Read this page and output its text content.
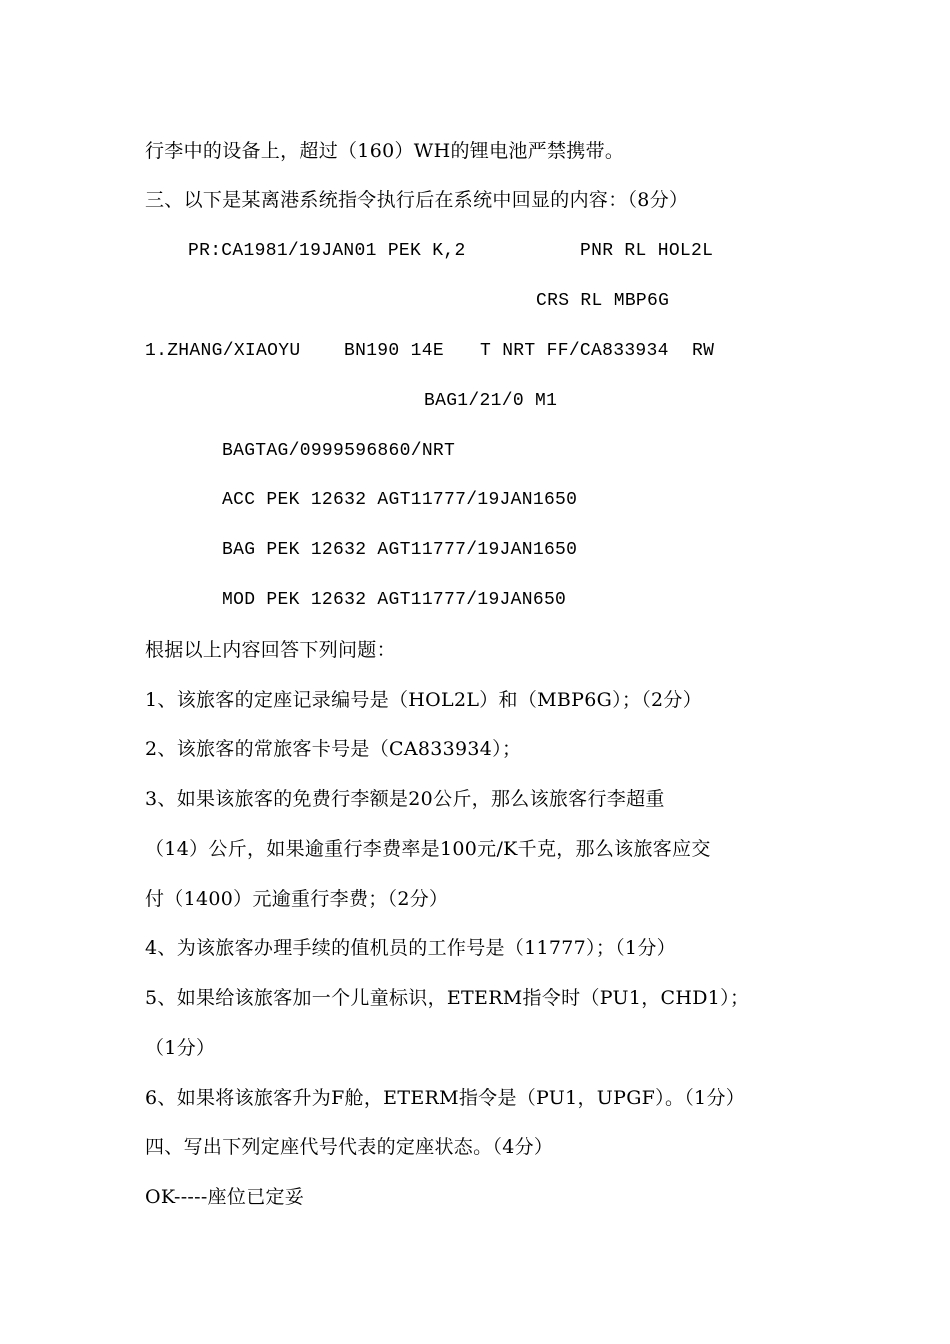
行李中的设备上，超过（160）WH的锂电池严禁携带。
三、以下是某离港系统指令执行后在系统中回显的内容：（8分）
PR:CA1981/19JAN01 PEK K,2	PNR RL HOL2L
CRS RL MBP6G
1.ZHANG/XIAOYU BN190 14E T NRT FF/CA833934 RW
BAG1/21/0 M1
BAGTAG/0999596860/NRT
ACC PEK 12632 AGT11777/19JAN1650
BAG PEK 12632 AGT11777/19JAN1650
MOD PEK 12632 AGT11777/19JAN650
根据以上内容回答下列问题：
1、该旅客的定座记录编号是（HOL2L）和（MBP6G）；（2分）
2、该旅客的常旅客卡号是（CA833934）；
3、如果该旅客的免费行李额是20公斤，那么该旅客行李超重
（14）公斤，如果逾重行李费率是100元/K千克，那么该旅客应交
付（1400）元逾重行李费；（2分）
4、为该旅客办理手续的值机员的工作号是（11777）；（1分）
5、如果给该旅客加一个儿童标识，ETERM指令时（PU1，CHD1）；
（1分）
6、如果将该旅客升为F舱，ETERM指令是（PU1，UPGF）。（1分）
四、写出下列定座代号代表的定座状态。（4分）
OK-----座位已定妥
